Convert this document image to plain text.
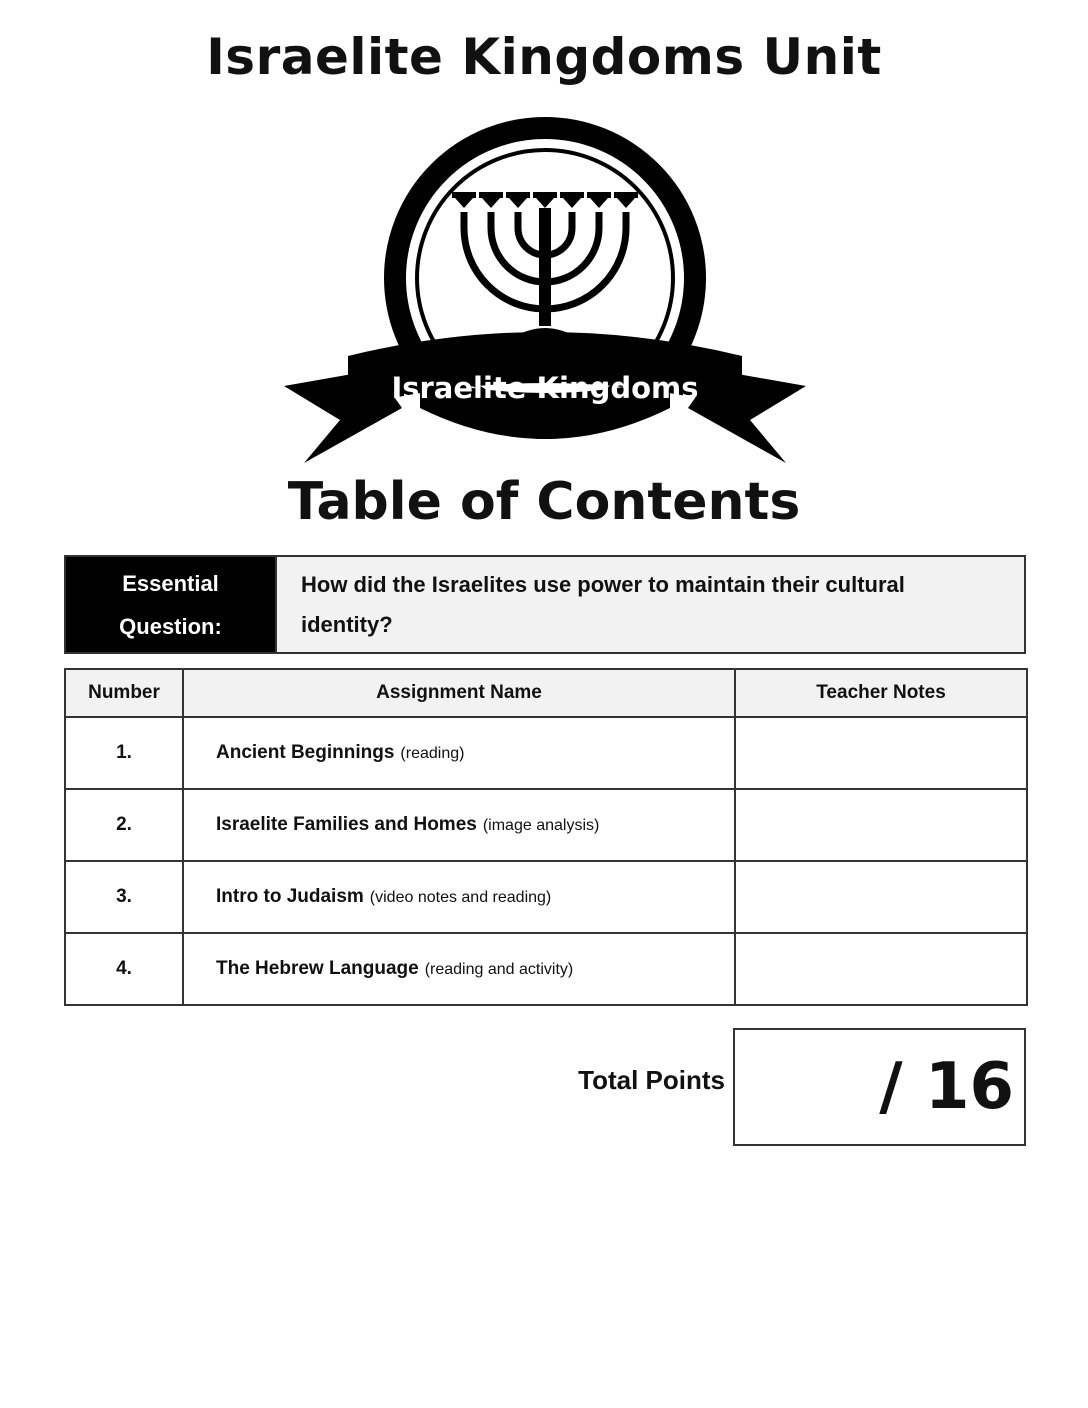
Israelite Kingdoms Unit
Israelite Kingdoms
Table of Contents
Essential
Question:
How did the Israelites use power to maintain their cultural identity?
Number	Assignment Name	Teacher Notes
1.	Ancient Beginnings (reading)	
2.	Israelite Families and Homes (image analysis)	
3.	Intro to Judaism (video notes and reading)	
4.	The Hebrew Language (reading and activity)	
Total Points / 16
